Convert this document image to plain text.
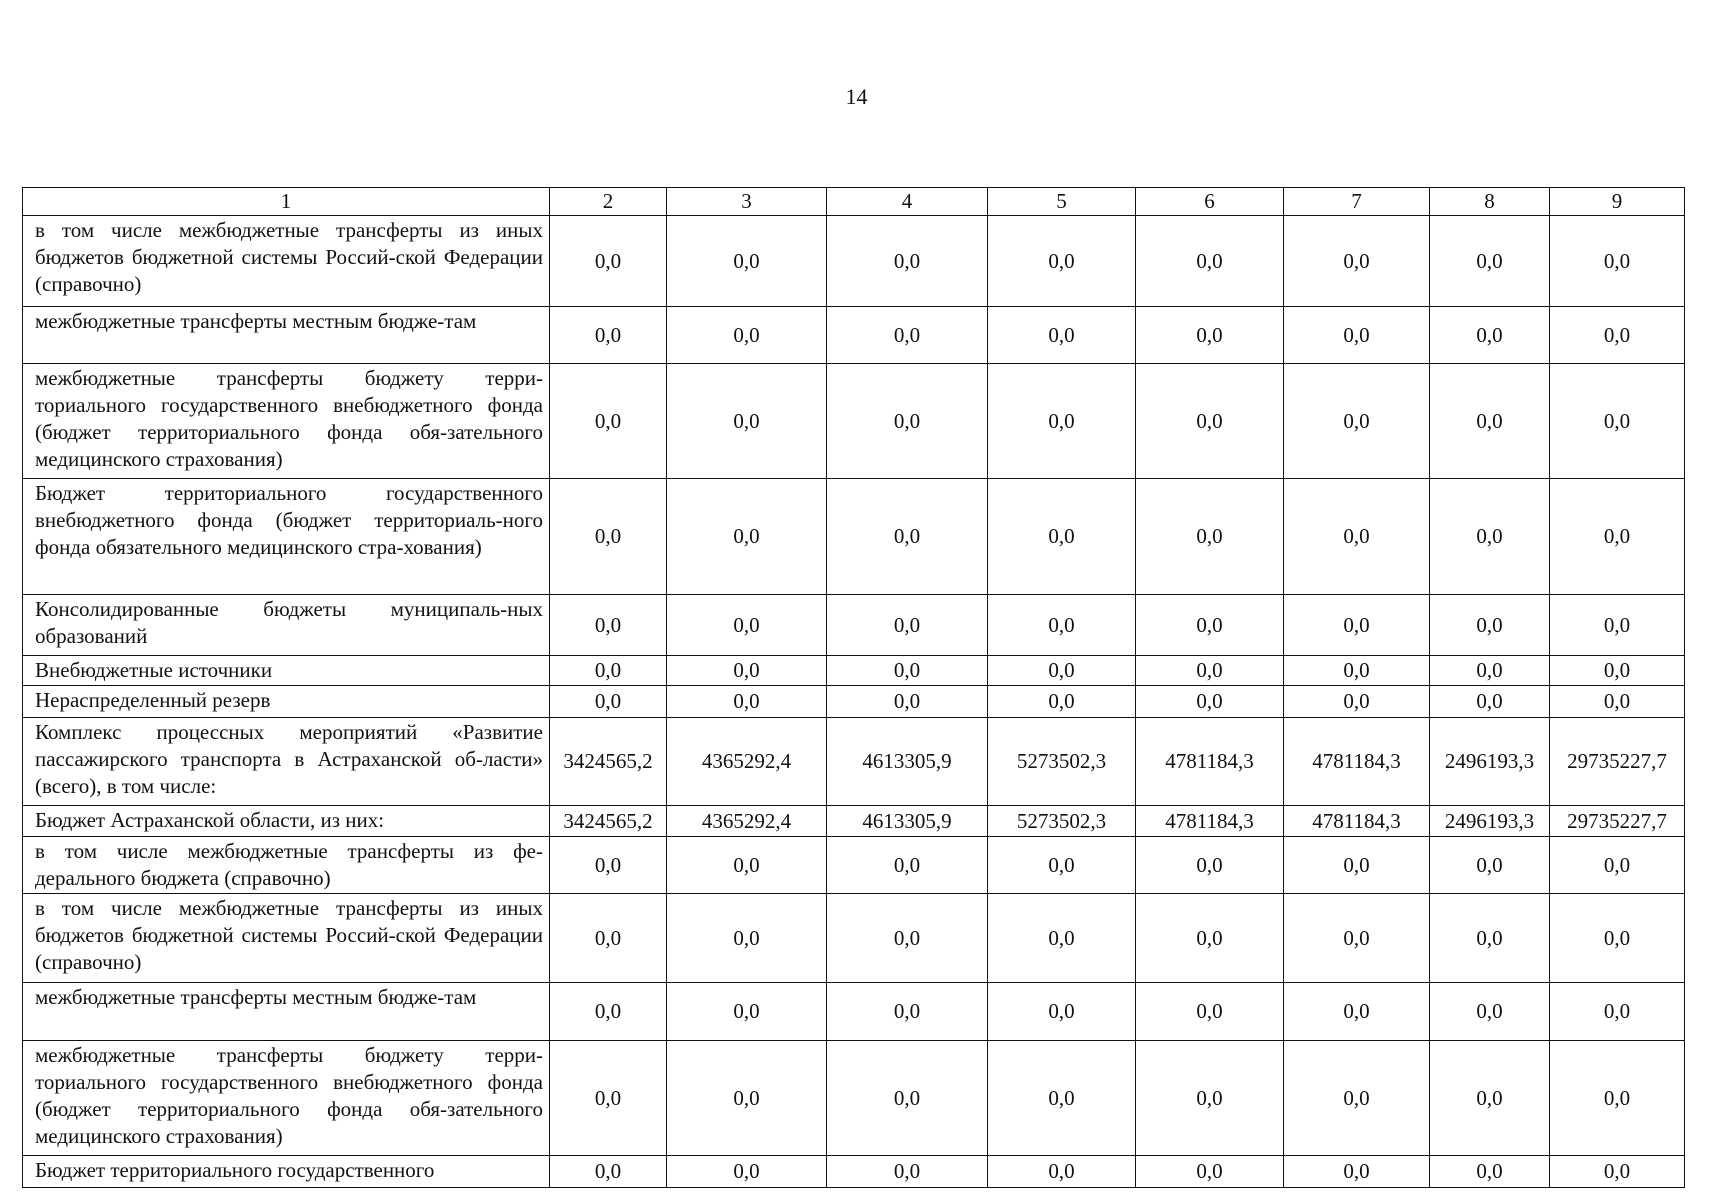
14
1	2	3	4	5	6	7	8	9
в том числе межбюджетные трансферты из иных бюджетов бюджетной системы Россий-ской Федерации (справочно)	0,0	0,0	0,0	0,0	0,0	0,0	0,0	0,0
межбюджетные трансферты местным бюдже-там	0,0	0,0	0,0	0,0	0,0	0,0	0,0	0,0
межбюджетные трансферты бюджету терри-ториального государственного внебюджетного фонда (бюджет территориального фонда обя-зательного медицинского страхования)	0,0	0,0	0,0	0,0	0,0	0,0	0,0	0,0
Бюджет территориального государственного внебюджетного фонда (бюджет территориаль-ного фонда обязательного медицинского стра-хования)	0,0	0,0	0,0	0,0	0,0	0,0	0,0	0,0
Консолидированные бюджеты муниципаль-ных образований	0,0	0,0	0,0	0,0	0,0	0,0	0,0	0,0
Внебюджетные источники	0,0	0,0	0,0	0,0	0,0	0,0	0,0	0,0
Нераспределенный резерв	0,0	0,0	0,0	0,0	0,0	0,0	0,0	0,0
Комплекс процессных мероприятий «Развитие пассажирского транспорта в Астраханской об-ласти» (всего), в том числе:	3424565,2	4365292,4	4613305,9	5273502,3	4781184,3	4781184,3	2496193,3	29735227,7
Бюджет Астраханской области, из них:	3424565,2	4365292,4	4613305,9	5273502,3	4781184,3	4781184,3	2496193,3	29735227,7
в том числе межбюджетные трансферты из фе-дерального бюджета (справочно)	0,0	0,0	0,0	0,0	0,0	0,0	0,0	0,0
в том числе межбюджетные трансферты из иных бюджетов бюджетной системы Россий-ской Федерации (справочно)	0,0	0,0	0,0	0,0	0,0	0,0	0,0	0,0
межбюджетные трансферты местным бюдже-там	0,0	0,0	0,0	0,0	0,0	0,0	0,0	0,0
межбюджетные трансферты бюджету терри-ториального государственного внебюджетного фонда (бюджет территориального фонда обя-зательного медицинского страхования)	0,0	0,0	0,0	0,0	0,0	0,0	0,0	0,0
Бюджет территориального государственного	0,0	0,0	0,0	0,0	0,0	0,0	0,0	0,0
